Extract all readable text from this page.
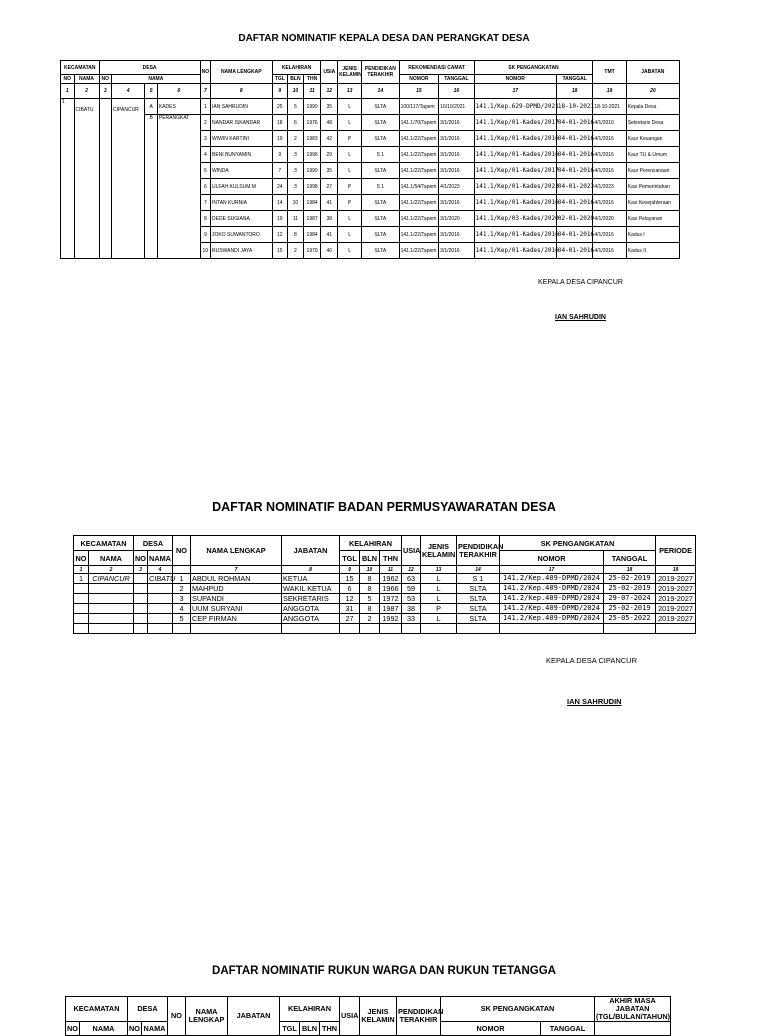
DAFTAR NOMINATIF KEPALA DESA DAN PERANGKAT DESA
KECAMATAN		DESA				NO	NAMA LENGKAP	KELAHIRAN			USIA	JENIS KELAMIN	PENDIDIKAN TERAKHIR	REKOMENDASI CAMAT		SK PENGANGKATAN		TMT	JABATAN
NO	NAMA	NO	NAMA					TGL	BLN	THN				NOMOR	TANGGAL	NOMOR	TANGGAL		
1	2	3	4	5	6	7	8	9	10	11	12	13	14	15	16	17	18	19	20
1	CIBATU		CIPANCUR	A	KADES	1	IAN SAHRUDIN	25	5	1990	35	L	SLTA	100/117/Tapem	16/10/2021	141.1/Kep.629-DPMD/2021	18-10-2021	18-10-2021	Kepala Desa
				B	PERANGKAT	2	NANDAR ISKANDAR	18	6	1976	48	L	SLTA	141.1/70/Tapem	3/1/2016	141.1/Kep/01-Kades/2017	04-01-2016	4/1/2010	Sekretaris Desa
						3	WIWIN KARTINI	19	2	1983	42	P	SLTA	141.1/22/Tapem	3/1/2016	141.1/Kep/01-Kades/2016	04-01-2016	4/1/2016	Kaur Keuangan
						4	BENI BUNYAMIN	9	3	1996	29	L	S 1	141.1/22/Tapem	3/1/2016	141.1/Kep/01-Kades/2016	04-01-2016	4/1/2016	Kaur TU & Umum
						5	WINDA	7	3	1990	35	L	SLTA	141.1/22/Tapem	3/1/2016	141.1/Kep/01-Kades/2017	04-01-2016	4/1/2016	Kaur Perencanaan
						6	ULFAH KULSUM.M	24	3	1998	27	P	S 1	141.1/54/Tapem	4/1/2023	141.1/Kep/01-Kades/2023	04-01-2023	4/1/2023	Kasi Pemerintahan
						7	INTAN KURNIA	14	10	1984	41	P	SLTA	141.1/22/Tapem	3/1/2016	141.1/Kep/01-Kades/2016	04-01-2016	4/1/2016	Kasi Kesejahteraan
						8	DEDE SUGIANA	19	11	1987	38	L	SLTA	141.1/22/Tapem	3/1/2020	141.1/Kep/03-Kades/2020	02-01-2020	4/1/2020	Kasi Pelayanan
						9	JOKO SUWANTORO	12	8	1984	41	L	SLTA	141.1/22/Tapem	3/1/2016	141.1/Kep/01-Kades/2016	04-01-2016	4/1/2016	Kadus I
						10	RUSWANDI JAYA	15	2	1979	46	L	SLTA	141.1/22/Tapem	3/1/2016	141.1/Kep/01-Kades/2016	04-01-2016	4/1/2016	Kadus II
KEPALA DESA CIPANCUR
IAN SAHRUDIN
DAFTAR NOMINATIF BADAN PERMUSYAWARATAN DESA
KECAMATAN		DESA		NO	NAMA LENGKAP	JABATAN	KELAHIRAN			USIA	JENIS KELAMIN	PENDIDIKAN TERAKHIR	SK PENGANGKATAN		PERIODE
NO	NAMA	NO	NAMA				TGL	BLN	THN				NOMOR	TANGGAL	
1	2	3	4		7	8	9	10	11	12	13	14	17	18	19
1	CIPANCUR		CIBATU	1	ABDUL ROHMAN	KETUA	15	8	1962	63	L	S 1	141.2/Kep.409-DPMD/2024	25-02-2019	2019-2027
				2	MAHPUD	WAKIL KETUA	6	8	1966	59	L	SLTA	141.2/Kep.409-DPMD/2024	25-02-2019	2019-2027
				3	SUPANDI	SEKRETARIS	12	5	1972	53	L	SLTA	141.2/Kep.409-DPMD/2024	29-07-2024	2019-2027
				4	UUM SURYANI	ANGGOTA	31	8	1987	38	P	SLTA	141.2/Kep.409-DPMD/2024	25-02-2019	2019-2027
				5	CEP FIRMAN	ANGGOTA	27	2	1992	33	L	SLTA	141.2/Kep.409-DPMD/2024	25-05-2022	2019-2027

KEPALA DESA CIPANCUR
IAN SAHRUDIN
DAFTAR NOMINATIF RUKUN WARGA DAN RUKUN TETANGGA
KECAMATAN		DESA		NO	NAMA LENGKAP	JABATAN	KELAHIRAN			USIA	JENIS KELAMIN	PENDIDIKAN TERAKHIR	SK PENGANGKATAN		AKHIR MASA JABATAN (TGL/BULAN/TAHUN)
NO	NAMA	NO	NAMA				TGL	BLN	THN				NOMOR	TANGGAL	
